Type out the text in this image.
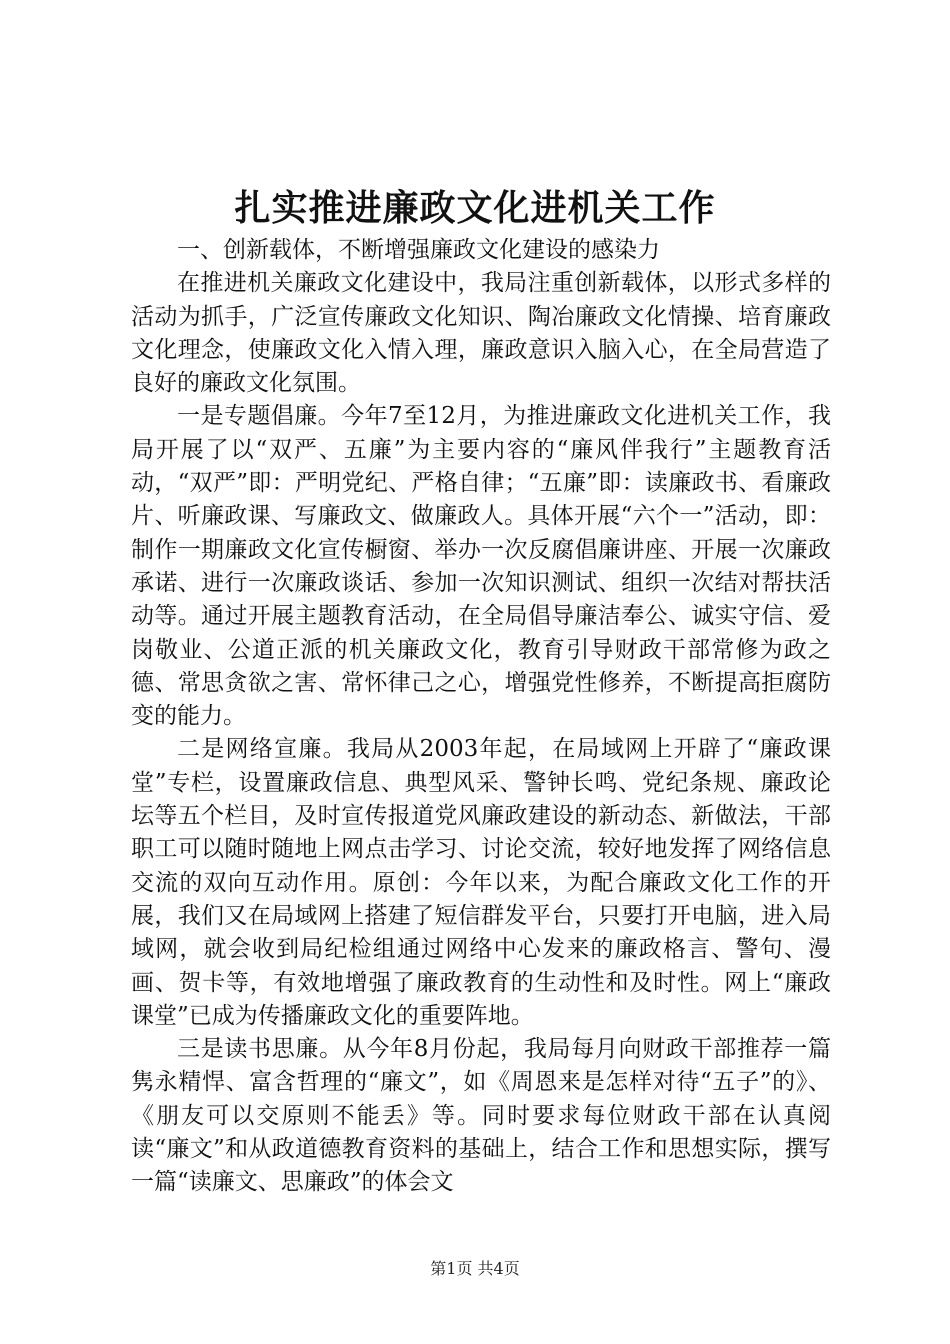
扎实推进廉政文化进机关工作

一、创新载体，不断增强廉政文化建设的感染力

在推进机关廉政文化建设中，我局注重创新载体，以形式多样的活动为抓手，广泛宣传廉政文化知识、陶冶廉政文化情操、培育廉政文化理念，使廉政文化入情入理，廉政意识入脑入心，在全局营造了良好的廉政文化氛围。

一是专题倡廉。今年7至12月，为推进廉政文化进机关工作，我局开展了以“双严、五廉”为主要内容的“廉风伴我行”主题教育活动，“双严”即：严明党纪、严格自律；“五廉”即：读廉政书、看廉政片、听廉政课、写廉政文、做廉政人。具体开展“六个一”活动，即：制作一期廉政文化宣传橱窗、举办一次反腐倡廉讲座、开展一次廉政承诺、进行一次廉政谈话、参加一次知识测试、组织一次结对帮扶活动等。通过开展主题教育活动，在全局倡导廉洁奉公、诚实守信、爱岗敬业、公道正派的机关廉政文化，教育引导财政干部常修为政之德、常思贪欲之害、常怀律己之心，增强党性修养，不断提高拒腐防变的能力。

二是网络宣廉。我局从2003年起，在局域网上开辟了“廉政课堂”专栏，设置廉政信息、典型风采、警钟长鸣、党纪条规、廉政论坛等五个栏目，及时宣传报道党风廉政建设的新动态、新做法，干部职工可以随时随地上网点击学习、讨论交流，较好地发挥了网络信息交流的双向互动作用。原创：今年以来，为配合廉政文化工作的开展，我们又在局域网上搭建了短信群发平台，只要打开电脑，进入局域网，就会收到局纪检组通过网络中心发来的廉政格言、警句、漫画、贺卡等，有效地增强了廉政教育的生动性和及时性。网上“廉政课堂”已成为传播廉政文化的重要阵地。

三是读书思廉。从今年8月份起，我局每月向财政干部推荐一篇隽永精悍、富含哲理的“廉文”，如《周恩来是怎样对待“五子”的》、《朋友可以交原则不能丢》等。同时要求每位财政干部在认真阅读“廉文”和从政道德教育资料的基础上，结合工作和思想实际，撰写一篇“读廉文、思廉政”的体会文

第1页 共4页
